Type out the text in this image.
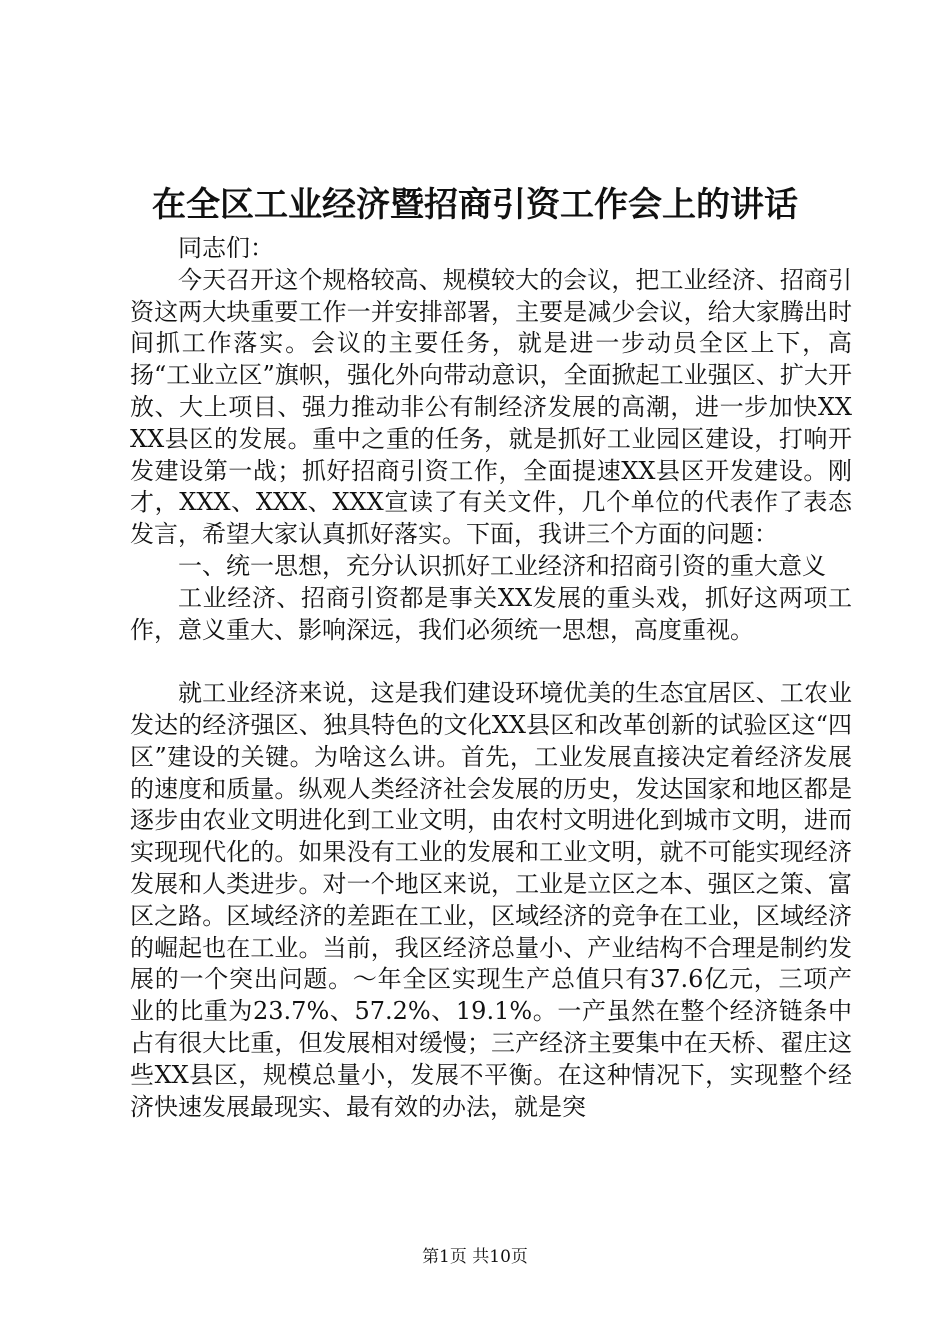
在全区工业经济暨招商引资工作会上的讲话

同志们：

今天召开这个规格较高、规模较大的会议，把工业经济、招商引资这两大块重要工作一并安排部署，主要是减少会议，给大家腾出时间抓工作落实。会议的主要任务，就是进一步动员全区上下，高扬“工业立区”旗帜，强化外向带动意识，全面掀起工业强区、扩大开放、大上项目、强力推动非公有制经济发展的高潮，进一步加快XXXX县区的发展。重中之重的任务，就是抓好工业园区建设，打响开发建设第一战；抓好招商引资工作，全面提速XX县区开发建设。刚才，XXX、XXX、XXX宣读了有关文件，几个单位的代表作了表态发言，希望大家认真抓好落实。下面，我讲三个方面的问题：

一、统一思想，充分认识抓好工业经济和招商引资的重大意义

工业经济、招商引资都是事关XX发展的重头戏，抓好这两项工作，意义重大、影响深远，我们必须统一思想，高度重视。

就工业经济来说，这是我们建设环境优美的生态宜居区、工农业发达的经济强区、独具特色的文化XX县区和改革创新的试验区这“四区”建设的关键。为啥这么讲。首先，工业发展直接决定着经济发展的速度和质量。纵观人类经济社会发展的历史，发达国家和地区都是逐步由农业文明进化到工业文明，由农村文明进化到城市文明，进而实现现代化的。如果没有工业的发展和工业文明，就不可能实现经济发展和人类进步。对一个地区来说，工业是立区之本、强区之策、富区之路。区域经济的差距在工业，区域经济的竞争在工业，区域经济的崛起也在工业。当前，我区经济总量小、产业结构不合理是制约发展的一个突出问题。～年全区实现生产总值只有37.6亿元，三项产业的比重为23.7%、57.2%、19.1%。一产虽然在整个经济链条中占有很大比重，但发展相对缓慢；三产经济主要集中在天桥、翟庄这些XX县区，规模总量小，发展不平衡。在这种情况下，实现整个经济快速发展最现实、最有效的办法，就是突

第1页 共10页
